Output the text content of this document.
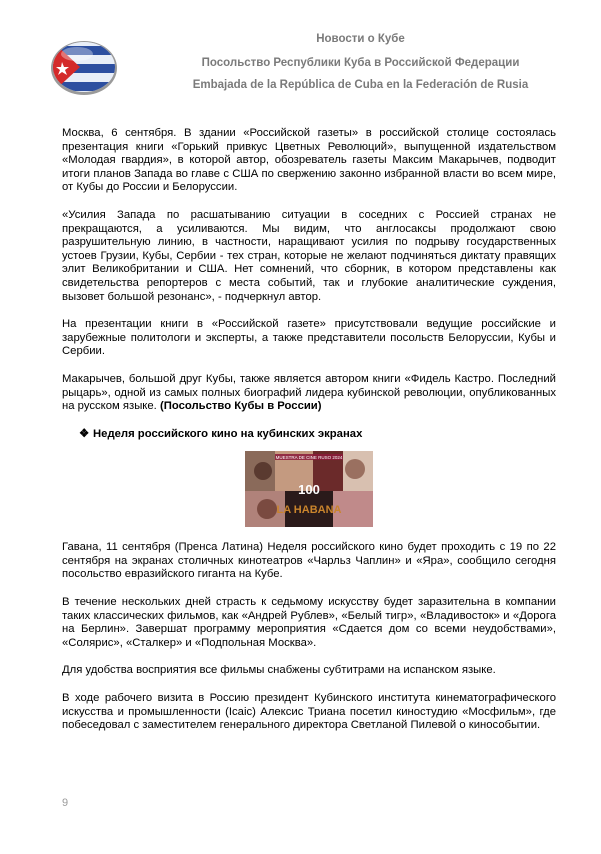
Новости о Кубе
Посольство Республики Куба в Российской Федерации
Embajada de la República de Cuba en la Federación de Rusia

Москва, 6 сентября. В здании «Российской газеты» в российской столице состоялась презентация книги «Горький привкус Цветных Революций», выпущенной издательством «Молодая гвардия», в которой автор, обозреватель газеты Максим Макарычев, подводит итоги планов Запада во главе с США по свержению законно избранной власти во всем мире, от Кубы до России и Белоруссии.

«Усилия Запада по расшатыванию ситуации в соседних с Россией странах не прекращаются, а усиливаются. Мы видим, что англосаксы продолжают свою разрушительную линию, в частности, наращивают усилия по подрыву государственных устоев Грузии, Кубы, Сербии - тех стран, которые не желают подчиняться диктату правящих элит Великобритании и США. Нет сомнений, что сборник, в котором представлены как свидетельства репортеров с места событий, так и глубокие аналитические суждения, вызовет большой резонанс», - подчеркнул автор.

На презентации книги в «Российской газете» присутствовали ведущие российские и зарубежные политологи и эксперты, а также представители посольств Белоруссии, Кубы и Сербии.

Макарычев, большой друг Кубы, также является автором книги «Фидель Кастро. Последний рыцарь», одной из самых полных биографий лидера кубинской революции, опубликованных на русском языке. (Посольство Кубы в России)

❖ Неделя российского кино на кубинских экранах
MUESTRA DE CINE RUSO 2024
100
LA HABANA

Гавана, 11 сентября (Пренса Латина) Неделя российского кино будет проходить с 19 по 22 сентября на экранах столичных кинотеатров «Чарльз Чаплин» и «Яра», сообщило сегодня посольство евразийского гиганта на Кубе.

В течение нескольких дней страсть к седьмому искусству будет заразительна в компании таких классических фильмов, как «Андрей Рублев», «Белый тигр», «Владивосток» и «Дорога на Берлин». Завершат программу мероприятия «Сдается дом со всеми неудобствами», «Солярис», «Сталкер» и «Подпольная Москва».

Для удобства восприятия все фильмы снабжены субтитрами на испанском языке.

В ходе рабочего визита в Россию президент Кубинского института кинематографического искусства и промышленности (Icaic) Алексис Триана посетил киностудию «Мосфильм», где побеседовал с заместителем генерального директора Светланой Пилевой о кинособытии.

9
